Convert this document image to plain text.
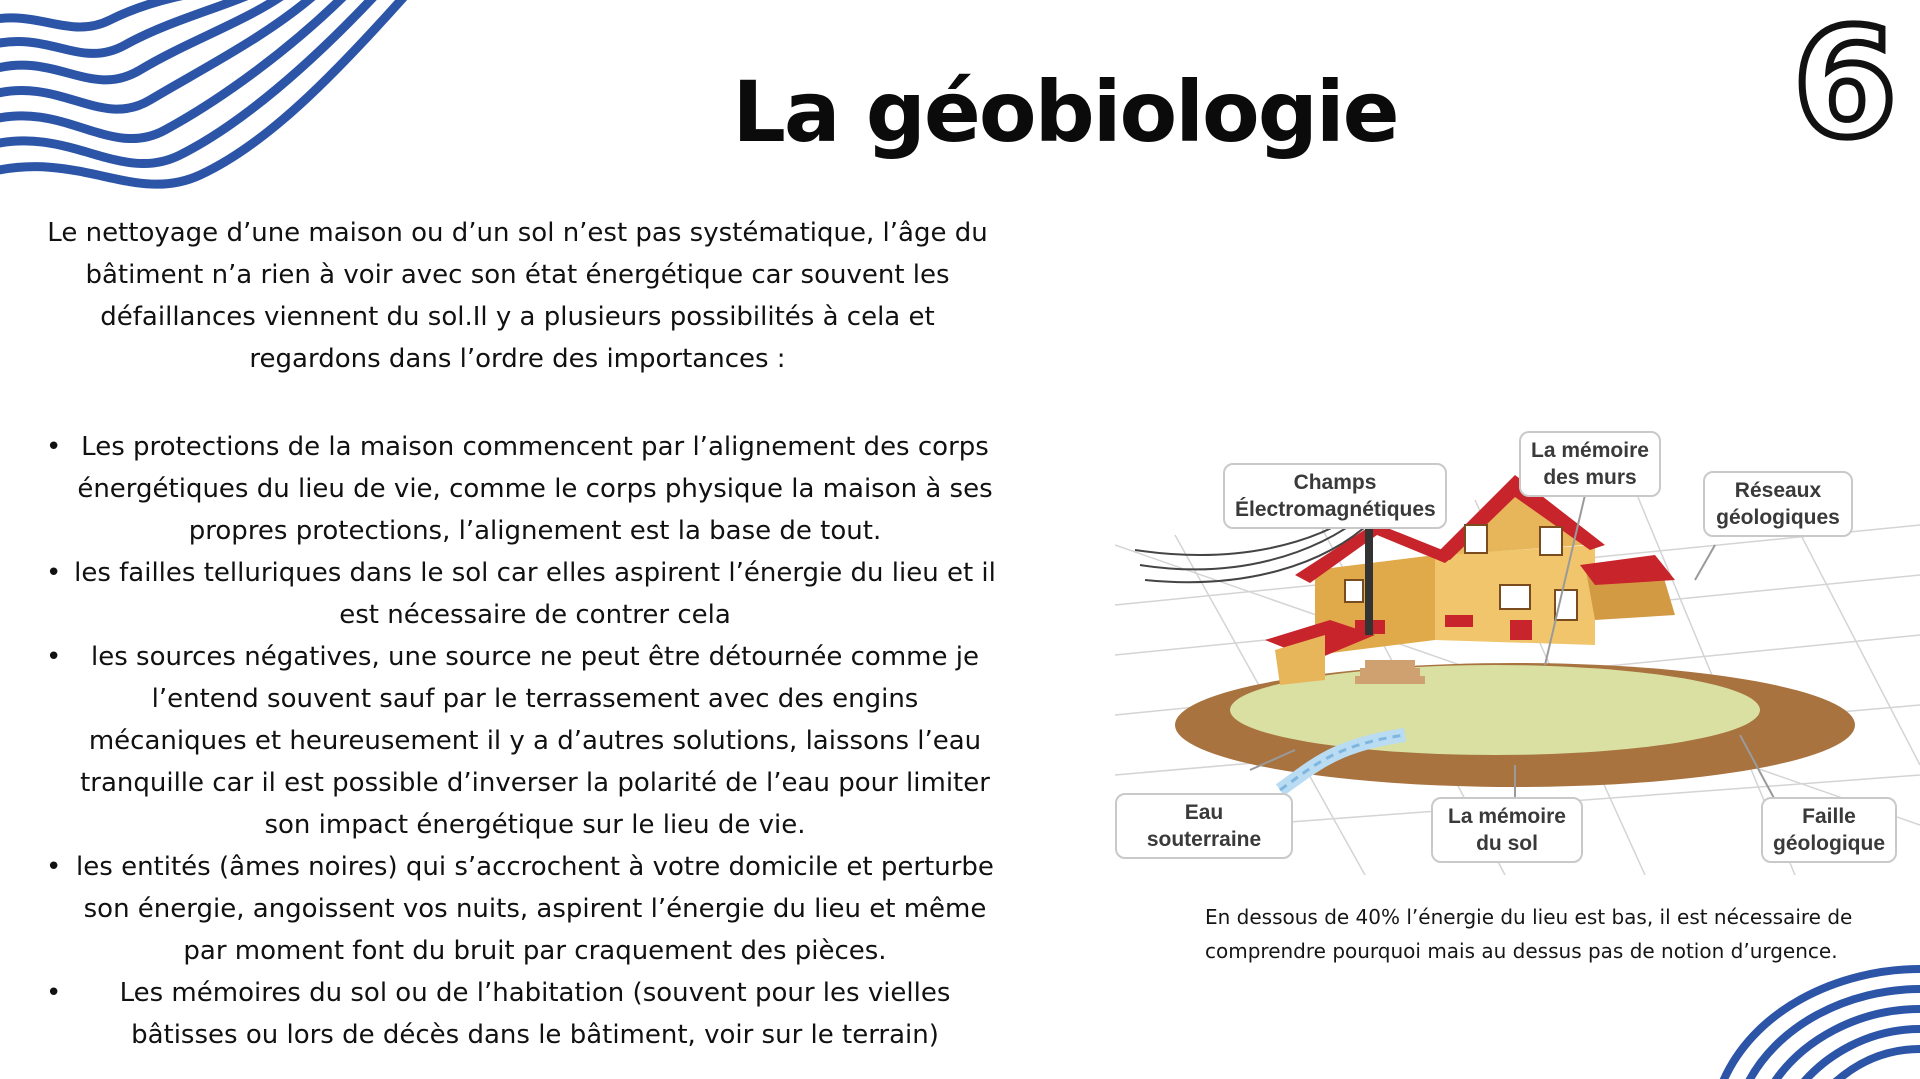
6
La géobiologie

Le nettoyage d’une maison ou d’un sol n’est pas systématique, l’âge du bâtiment n’a rien à voir avec son état énergétique car souvent les défaillances viennent du sol.Il y a plusieurs possibilités à cela et regardons dans l’ordre des importances :

• Les protections de la maison commencent par l’alignement des corps énergétiques du lieu de vie, comme le corps physique la maison à ses propres protections, l’alignement est la base de tout.
• les failles telluriques dans le sol car elles aspirent l’énergie du lieu et il est nécessaire de contrer cela
• les sources négatives, une source ne peut être détournée comme je l’entend souvent sauf par le terrassement avec des engins mécaniques et heureusement il y a d’autres solutions, laissons l’eau tranquille car il est possible d’inverser la polarité de l’eau pour limiter son impact énergétique sur le lieu de vie.
• les entités (âmes noires) qui s’accrochent à votre domicile et perturbe son énergie, angoissent vos nuits, aspirent l’énergie du lieu et même par moment font du bruit par craquement des pièces.
• Les mémoires du sol ou de l’habitation (souvent pour les vielles bâtisses ou lors de décès dans le bâtiment, voir sur le terrain)
Champs
Électromagnétiques
La mémoire
des murs
Réseaux
géologiques
Eau souterraine
La mémoire
du sol
Faille
géologique

En dessous de 40% l’énergie du lieu est bas, il est nécessaire de comprendre pourquoi mais au dessus pas de notion d’urgence.
